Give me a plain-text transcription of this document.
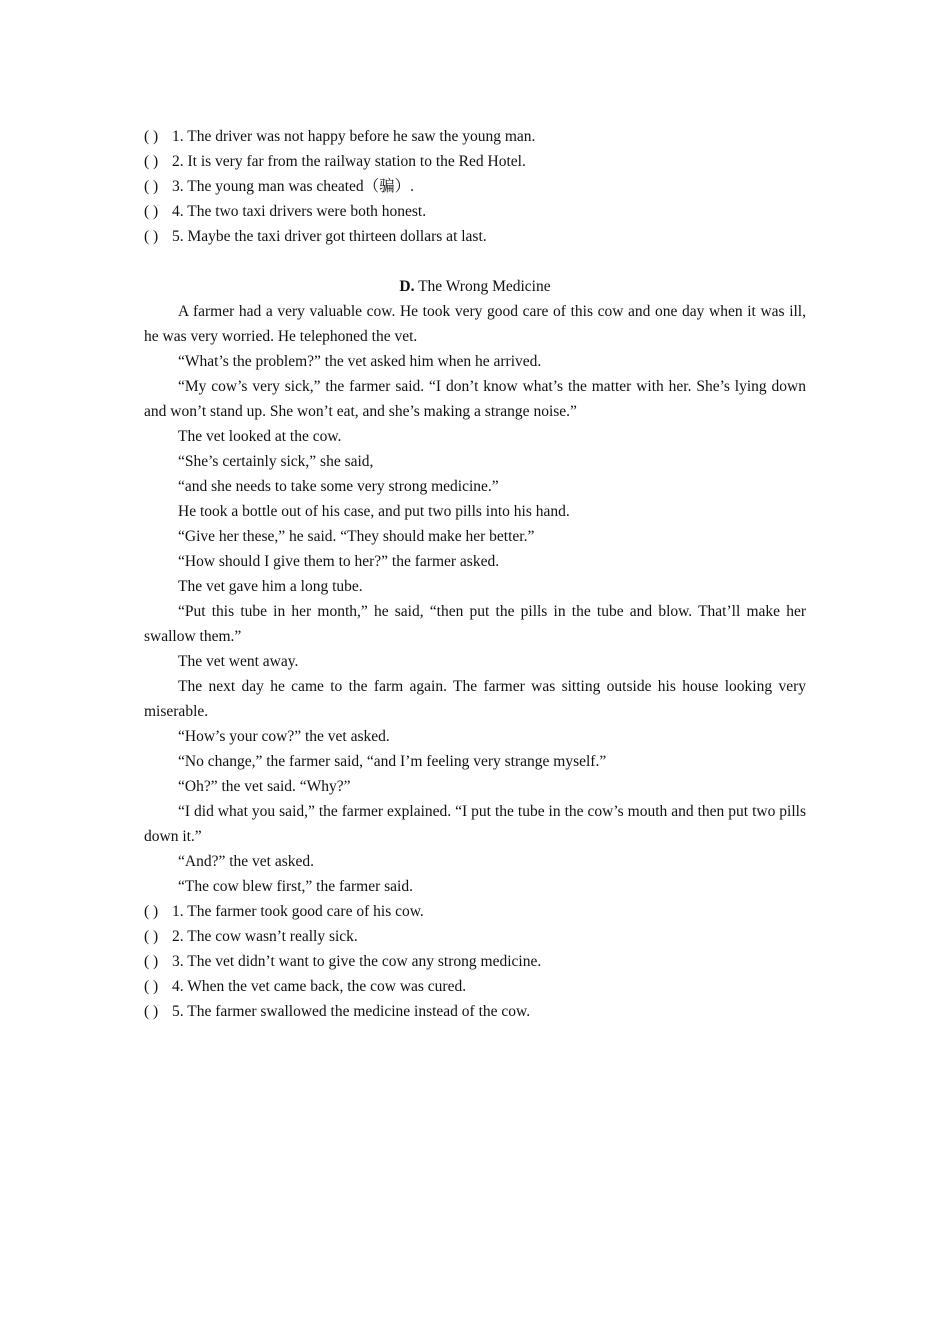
( ) 1. The driver was not happy before he saw the young man.

( ) 2. It is very far from the railway station to the Red Hotel.

( ) 3. The young man was cheated（骗）.

( ) 4. The two taxi drivers were both honest.

( ) 5. Maybe the taxi driver got thirteen dollars at last.

D. The Wrong Medicine

A farmer had a very valuable cow. He took very good care of this cow and one day when it was ill, he was very worried. He telephoned the vet.

“What’s the problem?” the vet asked him when he arrived.

“My cow’s very sick,” the farmer said. “I don’t know what’s the matter with her. She’s lying down and won’t stand up. She won’t eat, and she’s making a strange noise.”

The vet looked at the cow.

“She’s certainly sick,” she said,

“and she needs to take some very strong medicine.”

He took a bottle out of his case, and put two pills into his hand.

“Give her these,” he said. “They should make her better.”

“How should I give them to her?” the farmer asked.

The vet gave him a long tube.

“Put this tube in her month,” he said, “then put the pills in the tube and blow. That’ll make her swallow them.”

The vet went away.

The next day he came to the farm again. The farmer was sitting outside his house looking very miserable.

“How’s your cow?” the vet asked.

“No change,” the farmer said, “and I’m feeling very strange myself.”

“Oh?” the vet said. “Why?”

“I did what you said,” the farmer explained. “I put the tube in the cow’s mouth and then put two pills down it.”

“And?” the vet asked.

“The cow blew first,” the farmer said.

( ) 1. The farmer took good care of his cow.

( ) 2. The cow wasn’t really sick.

( ) 3. The vet didn’t want to give the cow any strong medicine.

( ) 4. When the vet came back, the cow was cured.

( ) 5. The farmer swallowed the medicine instead of the cow.
